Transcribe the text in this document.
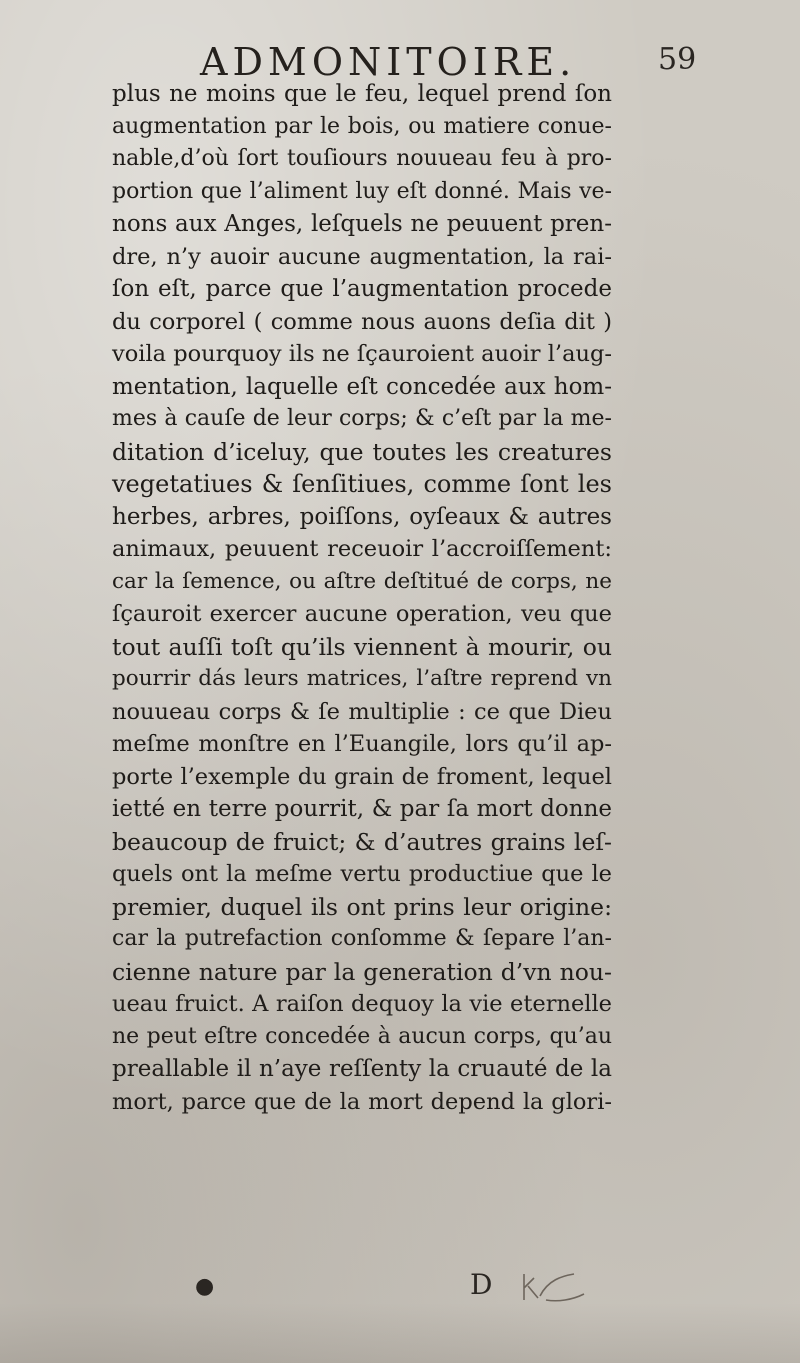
ADMONITOIRE.	59
plus ne moins que le feu, lequel prend ſon
augmentation par le bois, ou matiere conue-
nable,d’où ſort touſiours nouueau feu à pro-
portion que l’aliment luy eſt donné. Mais ve-
nons aux Anges, leſquels ne peuuent pren-
dre, n’y auoir aucune augmentation, la rai-
ſon eſt, parce que l’augmentation procede
du corporel ( comme nous auons deſia dit )
voila pourquoy ils ne ſçauroient auoir l’aug-
mentation, laquelle eſt concedée aux hom-
mes à cauſe de leur corps; & c’eſt par la me-
ditation d’iceluy, que toutes les creatures
vegetatiues & ſenſitiues, comme ſont les
herbes, arbres, poiſſons, oyſeaux & autres
animaux, peuuent receuoir l’accroiſſement:
car la ſemence, ou aſtre deſtitué de corps, ne
ſçauroit exercer aucune operation, veu que
tout auſſi toſt qu’ils viennent à mourir, ou
pourrir dás leurs matrices, l’aſtre reprend vn
nouueau corps & ſe multiplie : ce que Dieu
meſme monſtre en l’Euangile, lors qu’il ap-
porte l’exemple du grain de froment, lequel
ietté en terre pourrit, & par ſa mort donne
beaucoup de fruict; & d’autres grains leſ-
quels ont la meſme vertu productiue que le
premier, duquel ils ont prins leur origine:
car la putrefaction conſomme & ſepare l’an-
cienne nature par la generation d’vn nou-
ueau fruict. A raiſon dequoy la vie eternelle
ne peut eſtre concedée à aucun corps, qu’au
preallable il n’aye reſſenty la cruauté de la
mort, parce que de la mort depend la glori-
●	D
